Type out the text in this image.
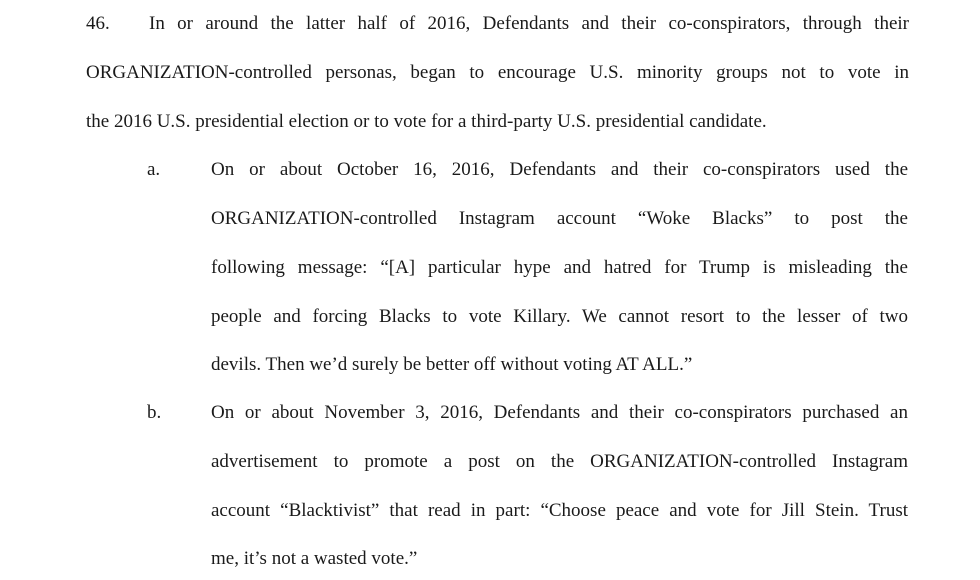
46. In or around the latter half of 2016, Defendants and their co-conspirators, through their
ORGANIZATION-controlled personas, began to encourage U.S. minority groups not to vote in
the 2016 U.S. presidential election or to vote for a third-party U.S. presidential candidate.
a.	On or about October 16, 2016, Defendants and their co-conspirators used the
ORGANIZATION-controlled Instagram account “Woke Blacks” to post the
following message: “[A] particular hype and hatred for Trump is misleading the
people and forcing Blacks to vote Killary. We cannot resort to the lesser of two
devils. Then we’d surely be better off without voting AT ALL.”
b.	On or about November 3, 2016, Defendants and their co-conspirators purchased an
advertisement to promote a post on the ORGANIZATION-controlled Instagram
account “Blacktivist” that read in part: “Choose peace and vote for Jill Stein. Trust
me, it’s not a wasted vote.”
